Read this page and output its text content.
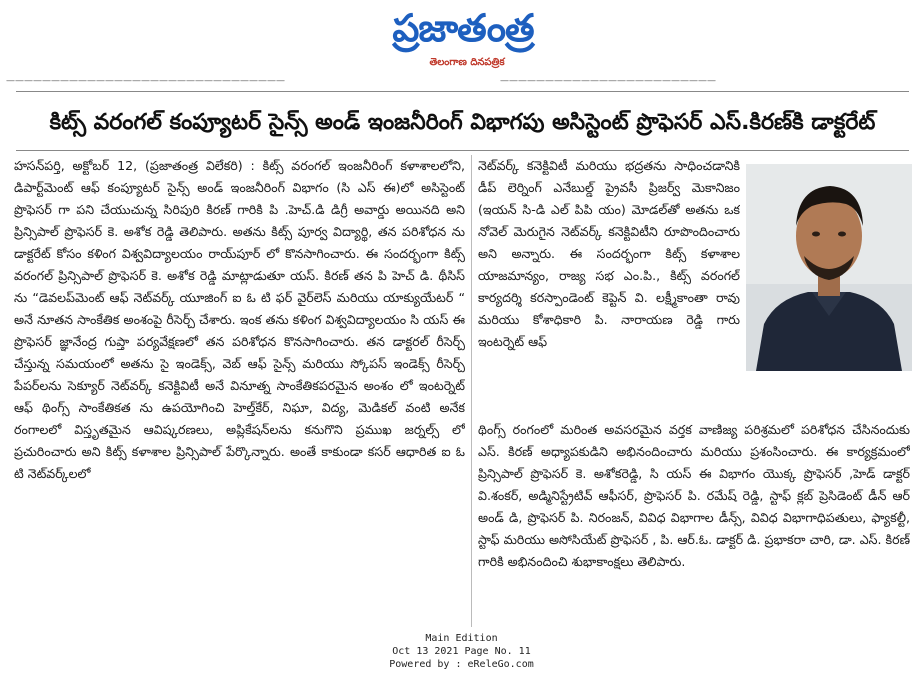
ప్రజాతంత్ర
తెలంగాణ దినపత్రిక
———————————————————————————————	————————————————————————
కిట్స్ వరంగల్ కంప్యూటర్ సైన్స్ అండ్ ఇంజనీరింగ్ విభాగపు అసిస్టెంట్ ప్రొఫెసర్ ఎస్.కిరణ్‌కి డాక్టరేట్
హసన్‌పర్తి, అక్టోబర్ 12, (ప్రజాతంత్ర విలేకరి) : కిట్స్ వరంగల్ ఇంజనీరింగ్ కళాశాలలోని, డిపార్ట్‌మెంట్ ఆఫ్ కంప్యూటర్ సైన్స్ అండ్ ఇంజనీరింగ్ విభాగం (సి ఎస్ ఈ)లో అసిస్టెంట్ ప్రొఫెసర్ గా పని చేయుచున్న సిరిపురి కిరణ్ గారికి పి .హెచ్.డి డిగ్రీ అవార్డు అయినది అని ప్రిన్సిపాల్ ప్రొఫెసర్ కె. అశోక రెడ్డి తెలిపారు. అతను కిట్స్ పూర్వ విద్యార్థి, తన పరిశోధన ను డాక్టరేట్ కోసం కళింగ విశ్వవిద్యాలయం రాయ్‌పూర్ లో కొనసాగించారు. ఈ సందర్భంగా కిట్స్ వరంగల్ ప్రిన్సిపాల్ ప్రొఫెసర్ కె. అశోక రెడ్డి మాట్లాడుతూ యస్. కిరణ్ తన పి హెచ్ డి. థీసిస్ ను “డెవలప్‌మెంట్ ఆఫ్ నెట్‌వర్క్ యూజింగ్ ఐ ఓ టి ఫర్ వైర్‌లెస్ మరియు యాక్యుయేటర్ “ అనే నూతన సాంకేతిక అంశంపై రీసెర్చ్ చేశారు. ఇంక తను కళింగ విశ్వవిద్యాలయం సి యస్ ఈ ప్రొఫెసర్ జ్ఞానేంద్ర గుప్తా పర్యవేక్షణలో తన పరిశోధన కొనసాగించారు. తన డాక్టరల్ రీసెర్చ్ చేస్తున్న సమయంలో అతను సై ఇండెక్స్, వెబ్ ఆఫ్ సైన్స్ మరియు స్కోపస్ ఇండెక్స్ రీసెర్చ్ పేపర్‌లను సెక్యూర్ నెట్‌వర్క్ కనెక్టివిటీ అనే వినూత్న సాంకేతికపరమైన అంశం లో ఇంటర్నెట్ ఆఫ్ థింగ్స్ సాంకేతికత ను ఉపయోగించి హెల్త్‌కేర్, నిఘా, విద్య, మెడికల్ వంటి అనేక రంగాలలో విస్తృతమైన ఆవిష్కరణలు, అప్లికేషన్‌లను కనుగొని ప్రముఖ జర్నల్స్ లో ప్రచురించారు అని కిట్స్ కళాశాల ప్రిన్సిపాల్ పేర్కొన్నారు. అంతే కాకుండా కసర్ ఆధారిత ఐ ఓ టి నెట్‌వర్క్‌లలో
నెట్‌వర్క్ కనెక్టివిటీ మరియు భద్రతను సాధించడానికి డీప్ లెర్నింగ్ ఎనేబుల్డ్ ప్రైవసీ ప్రిజర్వ్ మెకానిజం (ఇయన్ సి-డి ఎల్ పిపి యం) మోడల్‌తో అతను ఒక నోవెల్ మెరుగైన నెట్‌వర్క్ కనెక్టివిటీని రూపొందించారు అని అన్నారు. ఈ సందర్భంగా కిట్స్ కళాశాల యాజమాన్యం, రాజ్య సభ ఎం.పి., కిట్స్ వరంగల్ కార్యదర్శి కరస్పాండెంట్ కెప్టెన్ వి. లక్ష్మీకాంతా రావు మరియు కోశాధికారి పి. నారాయణ రెడ్డి గారు ఇంటర్నెట్ ఆఫ్
థింగ్స్ రంగంలో మరింత అవసరమైన వర్తక వాణిజ్య పరిశ్రమలో పరిశోధన చేసినందుకు ఎస్. కిరణ్ అధ్యాపకుడిని అభినందించారు మరియు ప్రశంసించారు. ఈ కార్యక్రమంలో ప్రిన్సిపాల్ ప్రొఫెసర్ కె. అశోకరెడ్డి, సి యస్ ఈ విభాగం యొక్క ప్రొఫెసర్ ,హెడ్ డాక్టర్ వి.శంకర్, అడ్మినిస్ట్రేటివ్ ఆఫీసర్, ప్రొఫెసర్ పి. రమేష్ రెడ్డి, స్టాఫ్ క్లబ్ ప్రెసిడెంట్ డీన్ ఆర్ అండ్ డి, ప్రొఫెసర్ పి. నిరంజన్, వివిధ విభాగాల డీన్స్, వివిధ విభాగాధిపతులు, ఫ్యాకల్టీ, స్టాఫ్ మరియు అసోసియేట్ ప్రొఫెసర్ , పి. ఆర్.ఓ. డాక్టర్ డి. ప్రభాకరా చారి, డా. ఎస్. కిరణ్ గారికి అభినందించి శుభాకాంక్షలు తెలిపారు.
Main Edition
Oct 13 2021 Page No. 11
Powered by : eReleGo.com
